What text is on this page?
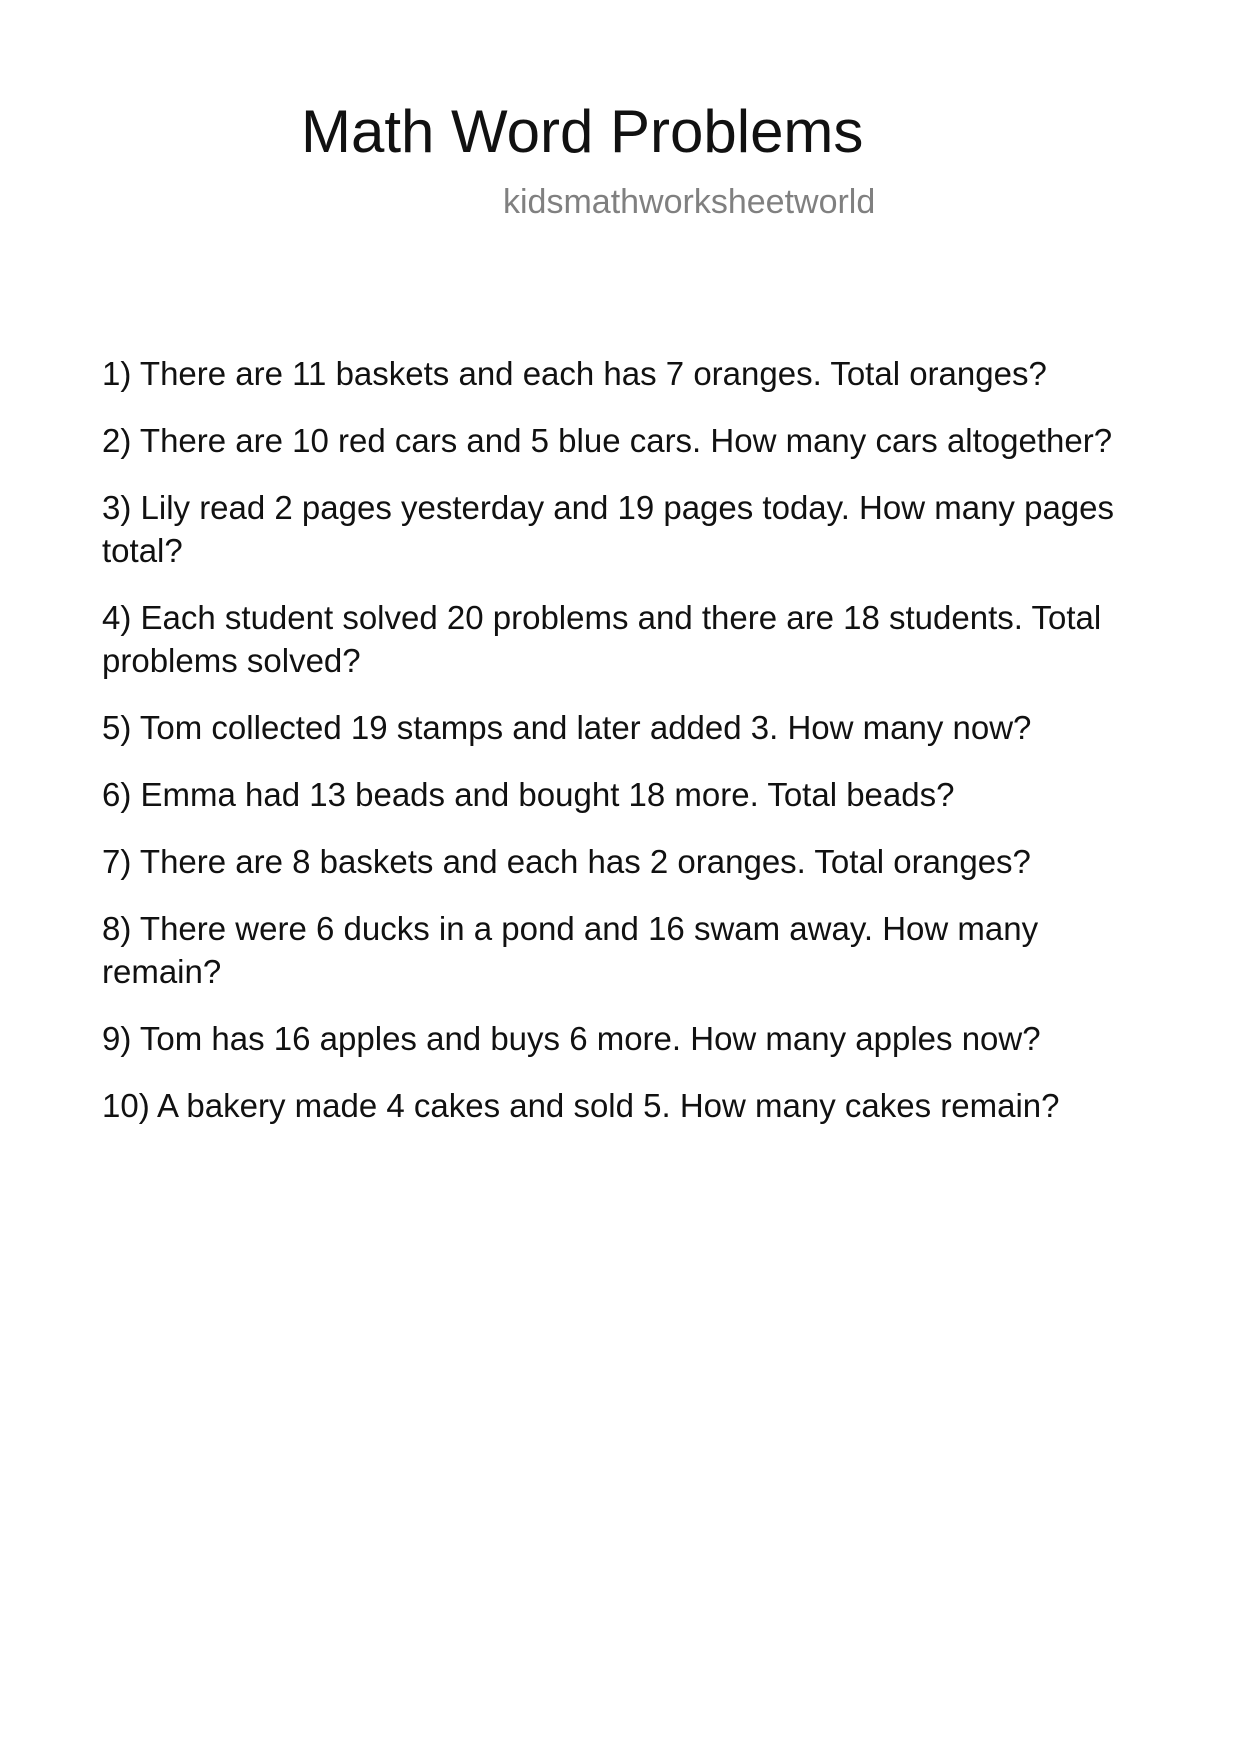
Math Word Problems
kidsmathworksheetworld
1) There are 11 baskets and each has 7 oranges. Total oranges?
2) There are 10 red cars and 5 blue cars. How many cars altogether?
3) Lily read 2 pages yesterday and 19 pages today. How many pages total?
4) Each student solved 20 problems and there are 18 students. Total problems solved?
5) Tom collected 19 stamps and later added 3. How many now?
6) Emma had 13 beads and bought 18 more. Total beads?
7) There are 8 baskets and each has 2 oranges. Total oranges?
8) There were 6 ducks in a pond and 16 swam away. How many remain?
9) Tom has 16 apples and buys 6 more. How many apples now?
10) A bakery made 4 cakes and sold 5. How many cakes remain?
